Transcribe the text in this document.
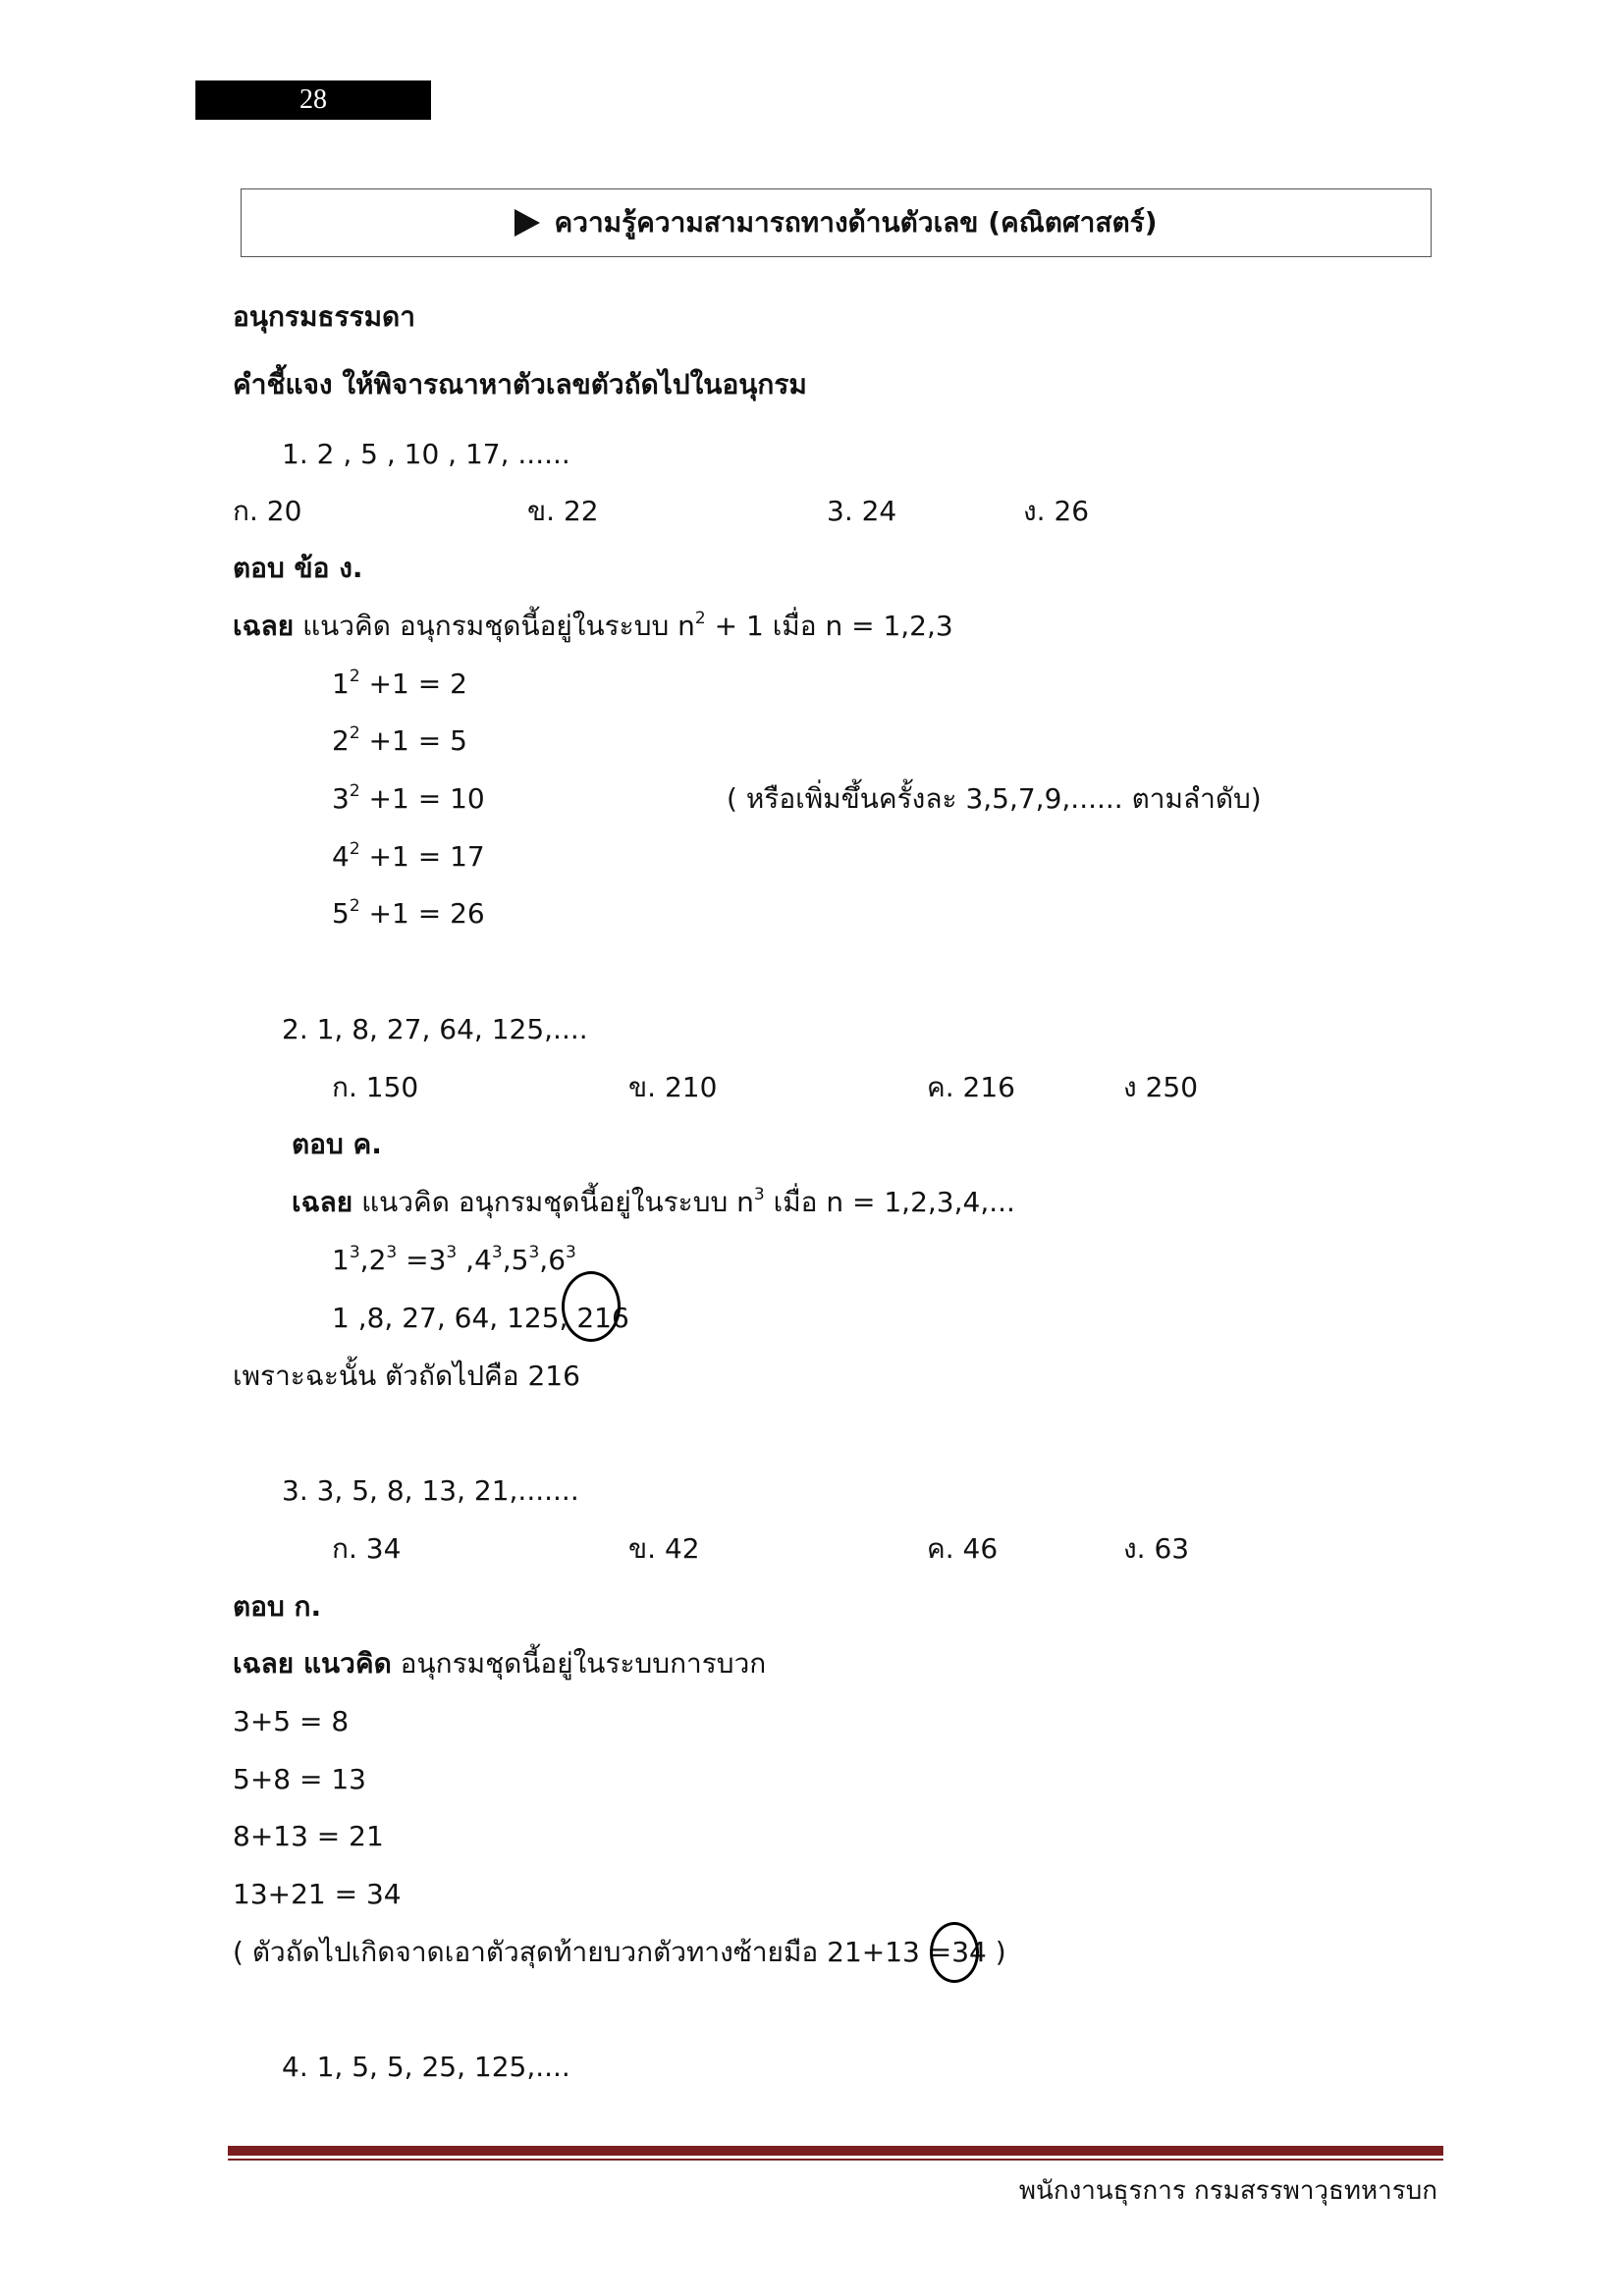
28
ความรู้ความสามารถทางด้านตัวเลข (คณิตศาสตร์)
อนุกรมธรรมดา
คำชี้แจง ให้พิจารณาหาตัวเลขตัวถัดไปในอนุกรม
1. 2 , 5 , 10 , 17, ......
ก. 20	ข. 22	3. 24	ง. 26
ตอบ ข้อ ง.
เฉลย แนวคิด อนุกรมชุดนี้อยู่ในระบบ $n^2 + 1$ เมื่อ n = 1,2,3
$1^2 +1 = 2$
$2^2 +1 = 5$
$3^2 +1 = 10$	( หรือเพิ่มขึ้นครั้งละ 3,5,7,9,...... ตามลำดับ)
$4^2 +1 = 17$
$5^2 +1 = 26$
2. 1, 8, 27, 64, 125,....
ก. 150	ข. 210	ค. 216	ง 250
ตอบ ค.
เฉลย แนวคิด อนุกรมชุดนี้อยู่ในระบบ $n^3$ เมื่อ n = 1,2,3,4,...
$1^3,2^3 =3^3$ $,4^3,5^3,6^3$
1 ,8, 27, 64, 125, 216
เพราะฉะนั้น ตัวถัดไปคือ 216
3. 3, 5, 8, 13, 21,.......
ก. 34	ข. 42	ค. 46	ง. 63
ตอบ ก.
เฉลย แนวคิด อนุกรมชุดนี้อยู่ในระบบการบวก
3+5 = 8
5+8 = 13
8+13 = 21
13+21 = 34
( ตัวถัดไปเกิดจาดเอาตัวสุดท้ายบวกตัวทางซ้ายมือ 21+13 =34 )
4. 1, 5, 5, 25, 125,....
พนักงานธุรการ กรมสรรพาวุธทหารบก
